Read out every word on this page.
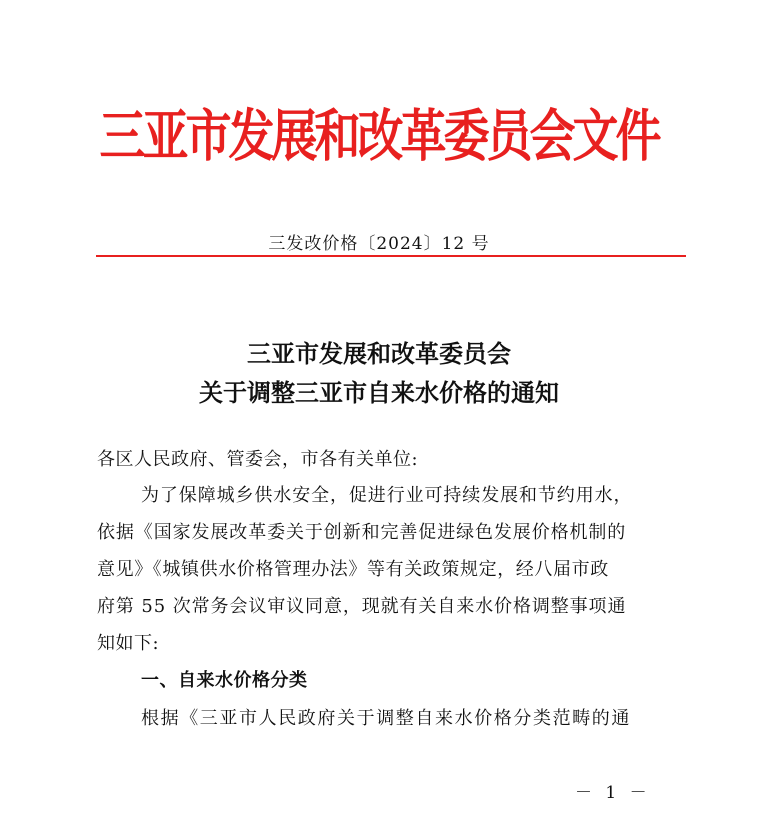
三亚市发展和改革委员会文件
三发改价格〔2024〕12 号
三亚市发展和改革委员会
关于调整三亚市自来水价格的通知
各区人民政府、管委会，市各有关单位:
为了保障城乡供水安全，促进行业可持续发展和节约用水，
依据《国家发展改革委关于创新和完善促进绿色发展价格机制的
意见》《城镇供水价格管理办法》等有关政策规定，经八届市政
府第 55 次常务会议审议同意，现就有关自来水价格调整事项通
知如下:
一、自来水价格分类
根据《三亚市人民政府关于调整自来水价格分类范畴的通
－ 1 －
